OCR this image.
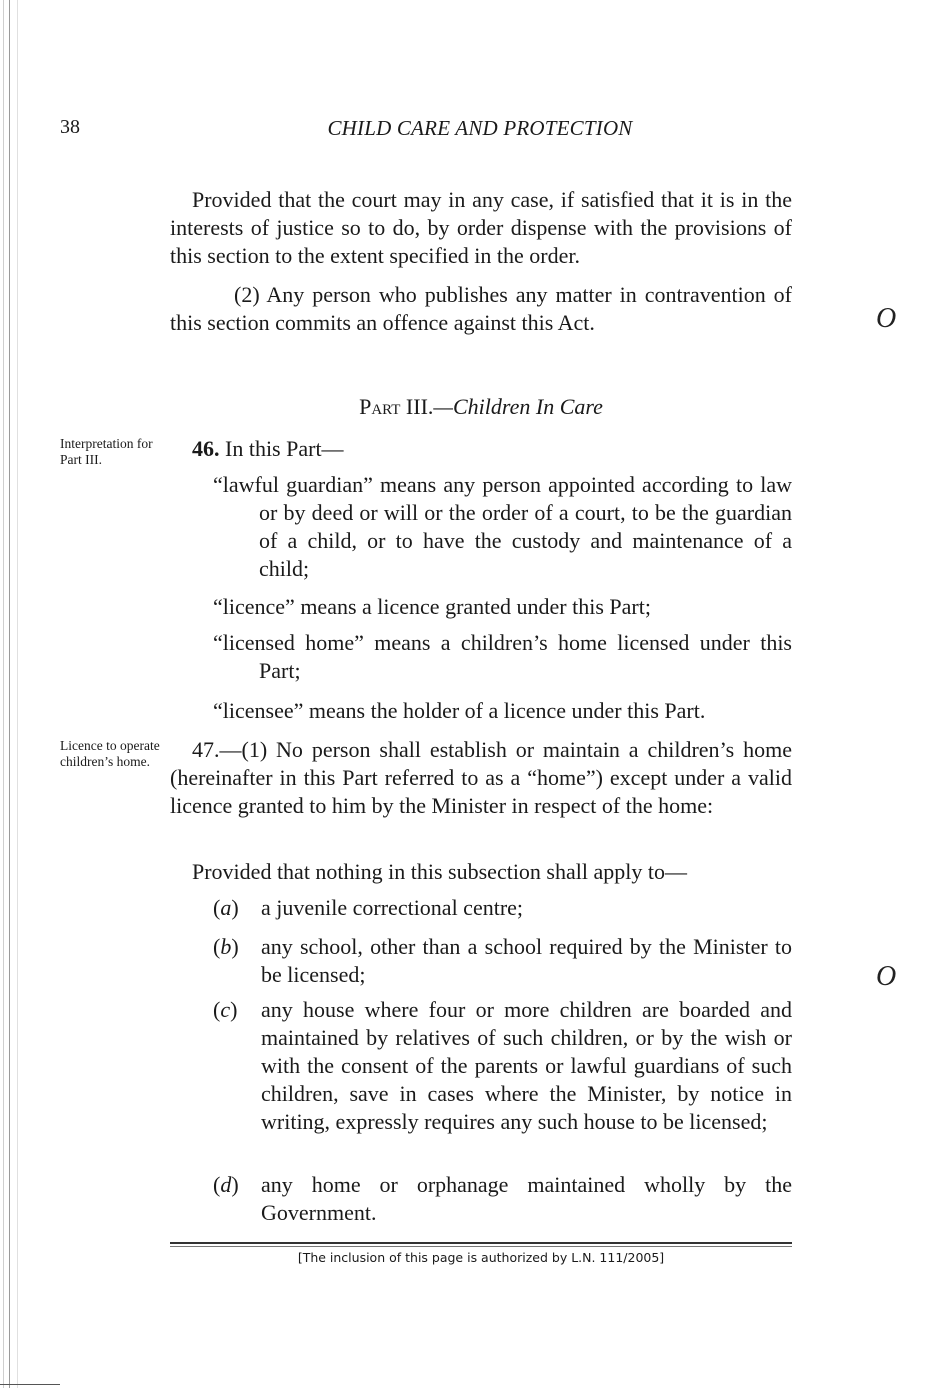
38	CHILD CARE AND PROTECTION

Provided that the court may in any case, if satisfied that it is in the interests of justice so to do, by order dispense with the provisions of this section to the extent specified in the order.

(2) Any person who publishes any matter in contravention of this section commits an offence against this Act.

Part III.—Children In Care
Interpretation for Part III.	46. In this Part—
“lawful guardian” means any person appointed according to law or by deed or will or the order of a court, to be the guardian of a child, or to have the custody and maintenance of a child;
“licence” means a licence granted under this Part;
“licensed home” means a children’s home licensed under this Part;
“licensee” means the holder of a licence under this Part.
Licence to operate children’s home.	47.—(1) No person shall establish or maintain a children’s home (hereinafter in this Part referred to as a “home”) except under a valid licence granted to him by the Minister in respect of the home:

Provided that nothing in this subsection shall apply to—
(a) a juvenile correctional centre;
(b) any school, other than a school required by the Minister to be licensed;
(c) any house where four or more children are boarded and maintained by relatives of such children, or by the wish or with the consent of the parents or lawful guardians of such children, save in cases where the Minister, by notice in writing, expressly requires any such house to be licensed;
(d) any home or orphanage maintained wholly by the Government.
O
O
[The inclusion of this page is authorized by L.N. 111/2005]
